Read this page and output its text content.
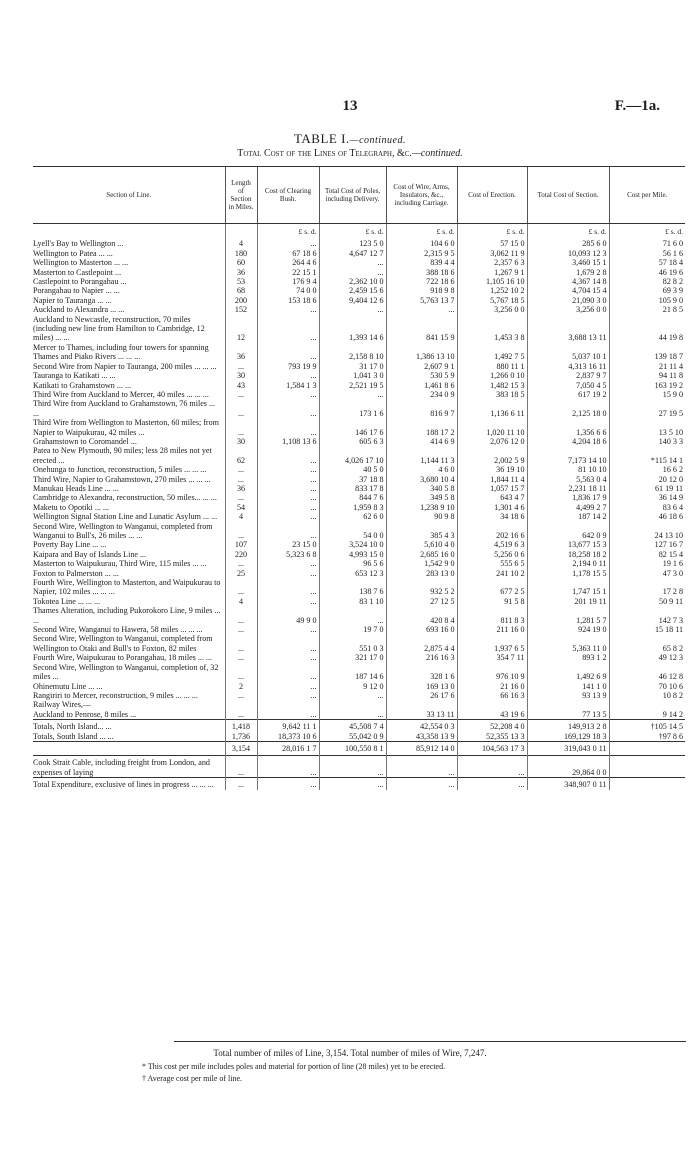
13	F.—1a.
TABLE I.—continued.
Total Cost of the Lines of Telegraph, &c.—continued.
Section of Line.	Length of Section in Miles.	Cost of Clearing Bush.	Total Cost of Poles, including Delivery.	Cost of Wire, Arms, Insulators, &c., including Carriage.	Cost of Erection.	Total Cost of Section.	Cost per Mile.
		£ s. d.	£ s. d.	£ s. d.	£ s. d.	£ s. d.	£ s. d.
Lyell's Bay to Wellington ...	4	...	123 5 0	104 6 0	57 15 0	285 6 0	71 6 0
Wellington to Patea ... ...	180	67 18 6	4,647 12 7	2,315 9 5	3,062 11 9	10,093 12 3	56 1 6
Wellington to Masterton ... ...	60	264 4 6	...	839 4 4	2,357 6 3	3,460 15 1	57 18 4
Masterton to Castlepoint ...	36	22 15 1	...	388 18 6	1,267 9 1	1,679 2 8	46 19 6
Castlepoint to Porangahau ...	53	176 9 4	2,362 10 0	722 18 6	1,105 16 10	4,367 14 8	82 8 2
Porangahau to Napier ... ...	68	74 0 0	2,459 15 6	918 9 8	1,252 10 2	4,704 15 4	69 3 9
Napier to Tauranga ... ...	200	153 18 6	9,404 12 6	5,763 13 7	5,767 18 5	21,090 3 0	105 9 0
Auckland to Alexandra ... ...	152	...	...	...	3,256 0 0	3,256 0 0	21 8 5
Auckland to Newcastle, reconstruction, 70 miles (including new line from Hamilton to Cambridge, 12 miles) ... ...	12	...	1,393 14 6	841 15 9	1,453 3 8	3,688 13 11	44 19 8
Mercer to Thames, including four towers for spanning Thames and Piako Rivers ... ... ...	36	...	2,158 8 10	1,386 13 10	1,492 7 5	5,037 10 1	139 18 7
Second Wire from Napier to Tauranga, 200 miles ... ... ...	...	793 19 9	31 17 0	2,607 9 1	880 11 1	4,313 16 11	21 11 4
Tauranga to Katikati ... ...	30	...	1,041 3 0	530 5 9	1,266 0 10	2,837 9 7	94 11 8
Katikati to Grahamstown ... ...	43	1,584 1 3	2,521 19 5	1,461 8 6	1,482 15 3	7,050 4 5	163 19 2
Third Wire from Auckland to Mercer, 40 miles ... ... ...	...	...	...	234 0 9	383 18 5	617 19 2	15 9 0
Third Wire from Auckland to Grahamstown, 76 miles ... ...	...	...	173 1 6	816 9 7	1,136 6 11	2,125 18 0	27 19 5
Third Wire from Wellington to Masterton, 60 miles; from Napier to Waipukurau, 42 miles ...	...	...	146 17 6	188 17 2	1,020 11 10	1,356 6 6	13 5 10
Grahamstown to Coromandel ...	30	1,108 13 6	605 6 3	414 6 9	2,076 12 0	4,204 18 6	140 3 3
Patea to New Plymouth, 90 miles; less 28 miles not yet erected ...	62	...	4,026 17 10	1,144 11 3	2,002 5 9	7,173 14 10	*115 14 1
Onehunga to Junction, reconstruction, 5 miles ... ... ...	...	...	40 5 0	4 6 0	36 19 10	81 10 10	16 6 2
Third Wire, Napier to Grahamstown, 270 miles ... ... ...	...	...	37 18 8	3,680 10 4	1,844 11 4	5,563 0 4	20 12 0
Manukau Heads Line ... ...	36	...	833 17 8	340 5 8	1,057 15 7	2,231 18 11	61 19 11
Cambridge to Alexandra, reconstruction, 50 miles... ... ...	...	...	844 7 6	349 5 8	643 4 7	1,836 17 9	36 14 9
Maketu to Opotiki ... ...	54	...	1,959 8 3	1,238 9 10	1,301 4 6	4,499 2 7	83 6 4
Wellington Signal Station Line and Lunatic Asylum ... ...	4	...	62 6 0	90 9 8	34 18 6	187 14 2	46 18 6
Second Wire, Wellington to Wanganui, completed from Wanganui to Bull's, 26 miles ... ...	...	...	54 0 0	385 4 3	202 16 6	642 0 9	24 13 10
Poverty Bay Line ... ...	107	23 15 0	3,524 10 0	5,610 4 0	4,519 6 3	13,677 15 3	127 16 7
Kaipara and Bay of Islands Line ...	220	5,323 6 8	4,993 15 0	2,685 16 0	5,256 0 6	18,258 18 2	82 15 4
Masterton to Waipukurau, Third Wire, 115 miles ... ...	...	...	96 5 6	1,542 9 0	555 6 5	2,194 0 11	19 1 6
Foxton to Palmerston ... ...	25	...	653 12 3	283 13 0	241 10 2	1,178 15 5	47 3 0
Fourth Wire, Wellington to Masterton, and Waipukurau to Napier, 102 miles ... ... ...	...	...	138 7 6	932 5 2	677 2 5	1,747 15 1	17 2 8
Tokotea Line ... ... ...	4	...	83 1 10	27 12 5	91 5 8	201 19 11	50 9 11
Thames Alteration, including Pukorokoro Line, 9 miles ... ...	...	49 9 0	...	420 8 4	811 8 3	1,281 5 7	142 7 3
Second Wire, Wanganui to Hawera, 58 miles ... ... ...	...	...	19 7 0	693 16 0	211 16 0	924 19 0	15 18 11
Second Wire, Wellington to Wanganui, completed from Wellington to Otaki and Bull's to Foxton, 82 miles	...	...	551 0 3	2,875 4 4	1,937 6 5	5,363 11 0	65 8 2
Fourth Wire, Waipukurau to Porangahau, 18 miles ... ...	...	...	321 17 0	216 16 3	354 7 11	893 1 2	49 12 3
Second Wire, Wellington to Wanganui, completion of, 32 miles ...	...	...	187 14 6	328 1 6	976 10 9	1,492 6 9	46 12 8
Ohinemutu Line ... ...	2	...	9 12 0	169 13 0	21 16 0	141 1 0	70 10 6
Rangiriri to Mercer, reconstruction, 9 miles ... ... ...	...	...	...	26 17 6	66 16 3	93 13 9	10 8 2
Railway Wires,—							
Auckland to Penrose, 8 miles ...	...	...	...	33 13 11	43 19 6	77 13 5	9 14 2
Totals, North Island... ...	1,418	9,642 11 1	45,508 7 4	42,554 0 3	52,208 4 0	149,913 2 8	†105 14 5
Totals, South Island ... ...	1,736	18,373 10 6	55,042 0 9	43,358 13 9	52,355 13 3	169,129 18 3	†97 8 6
	3,154	28,016 1 7	100,550 8 1	85,912 14 0	104,563 17 3	319,043 0 11	
Cook Strait Cable, including freight from London, and expenses of laying	...	...	...	...	...	29,864 0 0	
Total Expenditure, exclusive of lines in progress ... ... ...	...	...	...	...	...	348,907 0 11	
Total number of miles of Line, 3,154. Total number of miles of Wire, 7,247.
* This cost per mile includes poles and material for portion of line (28 miles) yet to be erected.
† Average cost per mile of line.
